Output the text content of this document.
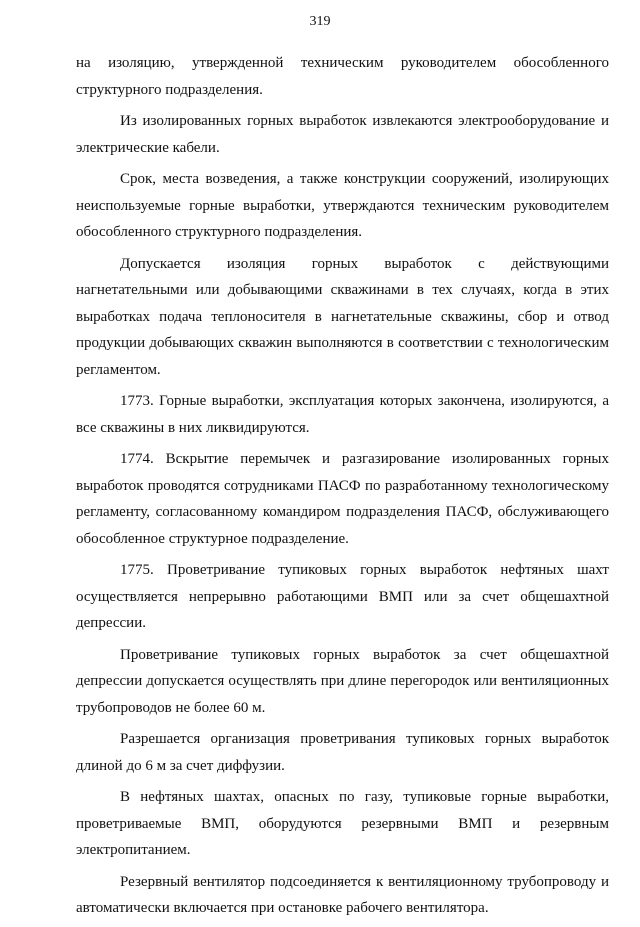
319

на изоляцию, утвержденной техническим руководителем обособленного структурного подразделения.

Из изолированных горных выработок извлекаются электрооборудование и электрические кабели.

Срок, места возведения, а также конструкции сооружений, изолирующих неиспользуемые горные выработки, утверждаются техническим руководителем обособленного структурного подразделения.

Допускается изоляция горных выработок с действующими нагнетательными или добывающими скважинами в тех случаях, когда в этих выработках подача теплоносителя в нагнетательные скважины, сбор и отвод продукции добывающих скважин выполняются в соответствии с технологическим регламентом.

1773. Горные выработки, эксплуатация которых закончена, изолируются, а все скважины в них ликвидируются.

1774. Вскрытие перемычек и разгазирование изолированных горных выработок проводятся сотрудниками ПАСФ по разработанному технологическому регламенту, согласованному командиром подразделения ПАСФ, обслуживающего обособленное структурное подразделение.

1775. Проветривание тупиковых горных выработок нефтяных шахт осуществляется непрерывно работающими ВМП или за счет общешахтной депрессии.

Проветривание тупиковых горных выработок за счет общешахтной депрессии допускается осуществлять при длине перегородок или вентиляционных трубопроводов не более 60 м.

Разрешается организация проветривания тупиковых горных выработок длиной до 6 м за счет диффузии.

В нефтяных шахтах, опасных по газу, тупиковые горные выработки, проветриваемые ВМП, оборудуются резервными ВМП и резервным электропитанием.

Резервный вентилятор подсоединяется к вентиляционному трубопроводу и автоматически включается при остановке рабочего вентилятора.
